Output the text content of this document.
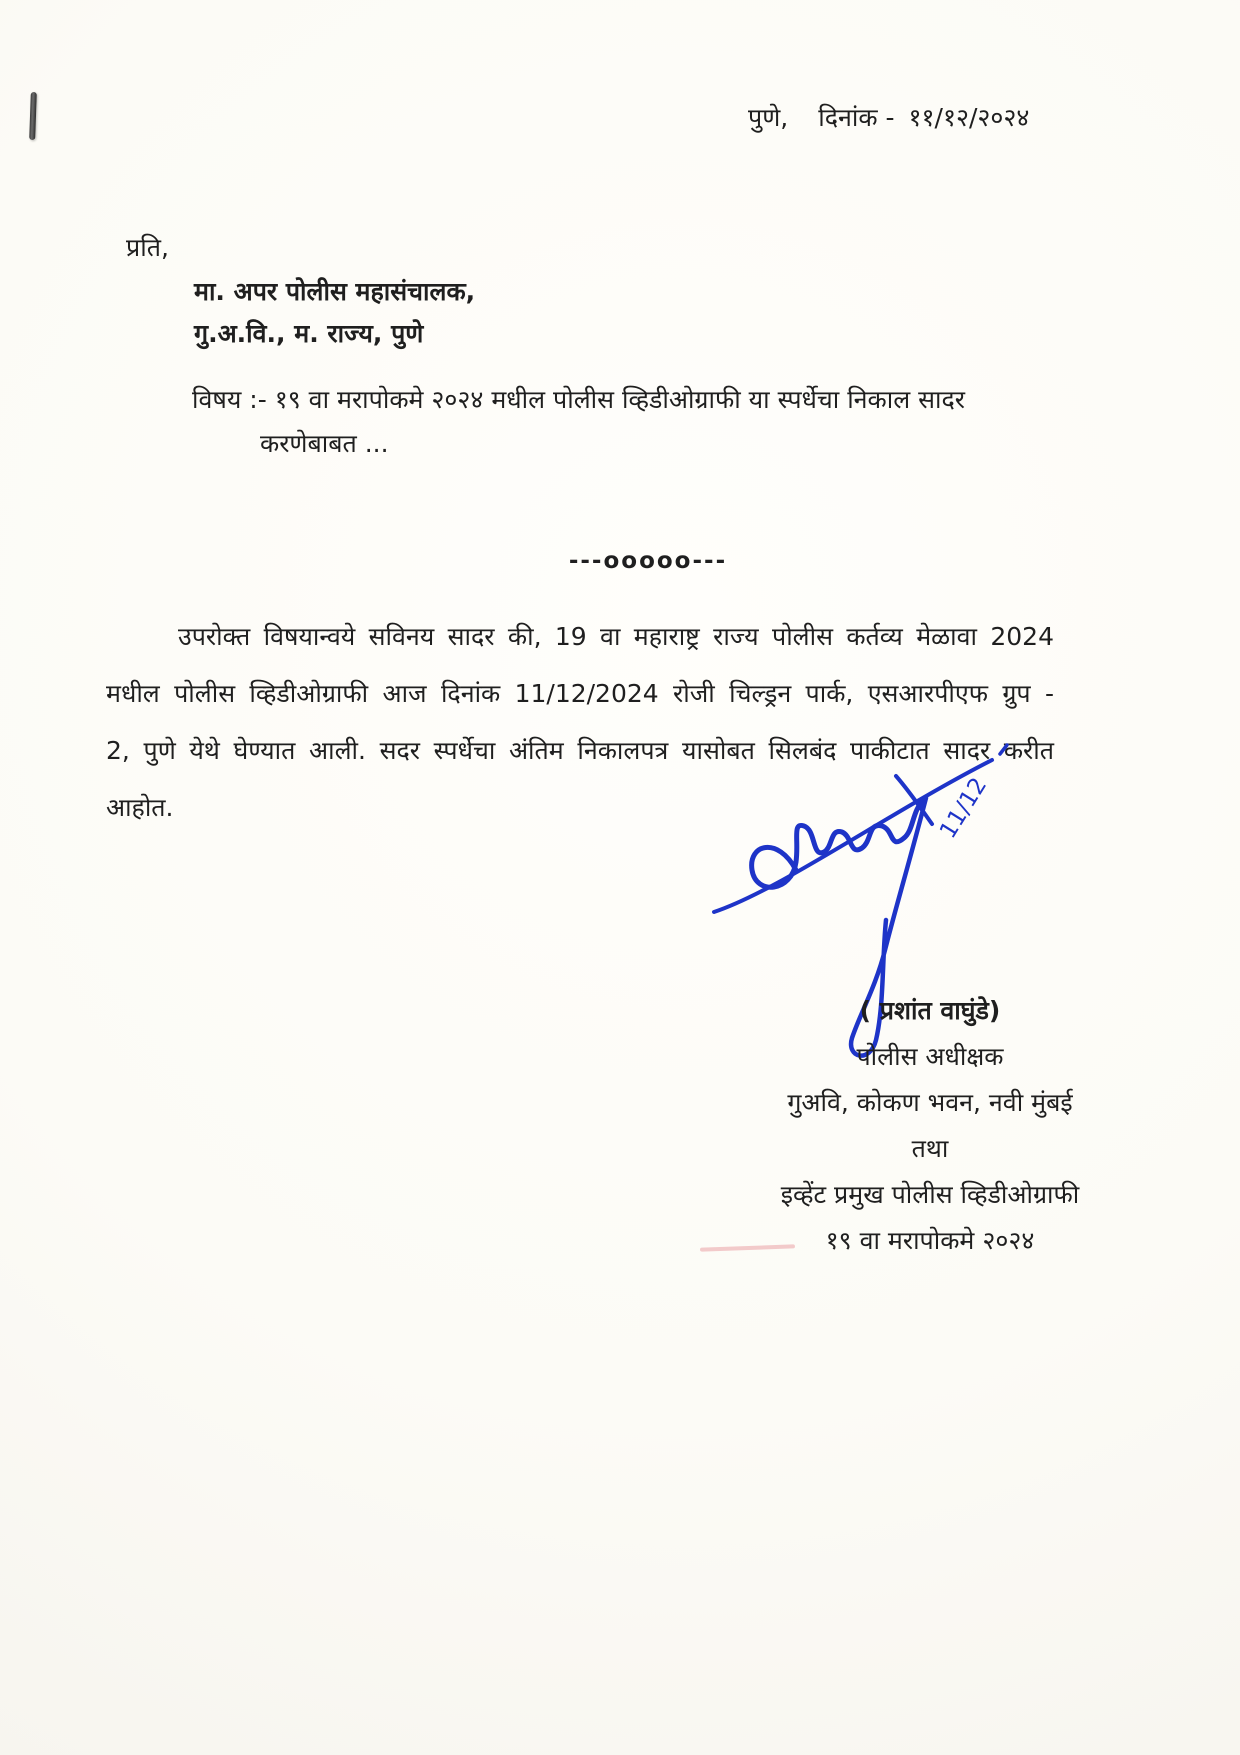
पुणे, दिनांक - ११/१२/२०२४
प्रति,
मा. अपर पोलीस महासंचालक,
गु.अ.वि., म. राज्य, पुणे
विषय :- १९ वा मरापोकमे २०२४ मधील पोलीस व्हिडीओग्राफी या स्पर्धेचा निकाल सादर
करणेबाबत ...
---ooooo---

उपरोक्त विषयान्वये सविनय सादर की, 19 वा महाराष्ट्र राज्य पोलीस कर्तव्य मेळावा 2024 मधील पोलीस व्हिडीओग्राफी आज दिनांक 11/12/2024 रोजी चिल्ड्रन पार्क, एसआरपीएफ ग्रुप - 2, पुणे येथे घेण्यात आली. सदर स्पर्धेचा अंतिम निकालपत्र यासोबत सिलबंद पाकीटात सादर करीत आहोत.	11/12
( प्रशांत वाघुंडे)
पोलीस अधीक्षक
गुअवि, कोकण भवन, नवी मुंबई
तथा
इव्हेंट प्रमुख पोलीस व्हिडीओग्राफी
१९ वा मरापोकमे २०२४
